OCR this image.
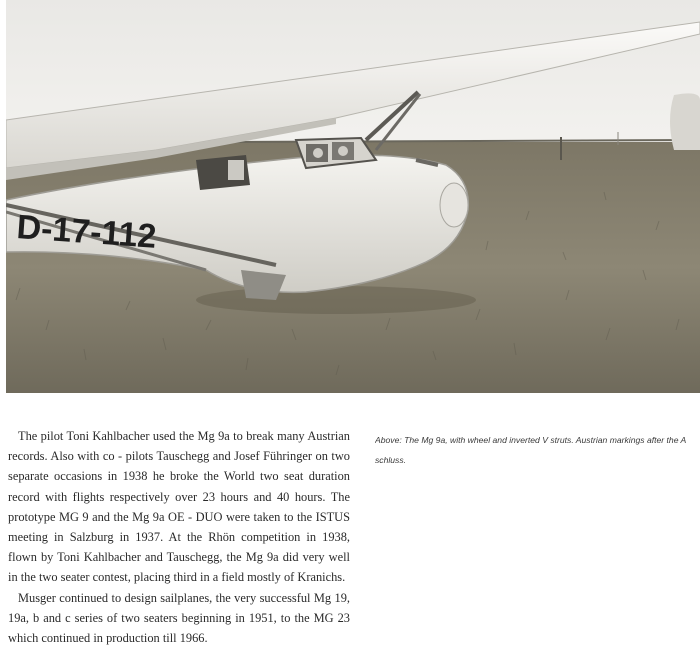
D-17-112

The pilot Toni Kahlbacher used the Mg 9a to break many Austrian records. Also with co - pilots Tauschegg and Josef Führinger on two separate occasions in 1938 he broke the World two seat duration record with flights respectively over 23 hours and 40 hours. The prototype MG 9 and the Mg 9a OE - DUO were taken to the ISTUS meeting in Salzburg in 1937. At the Rhön competition in 1938, flown by Toni Kahlbacher and Tauschegg, the Mg 9a did very well in the two seater contest, placing third in a field mostly of Kranichs.

Musger continued to design sailplanes, the very successful Mg 19, 19a, b and c series of two seaters beginning in 1951, to the MG 23 which continued in production till 1966.

Above: The Mg 9a, with wheel and inverted V struts. Austrian markings after the A
schluss.
